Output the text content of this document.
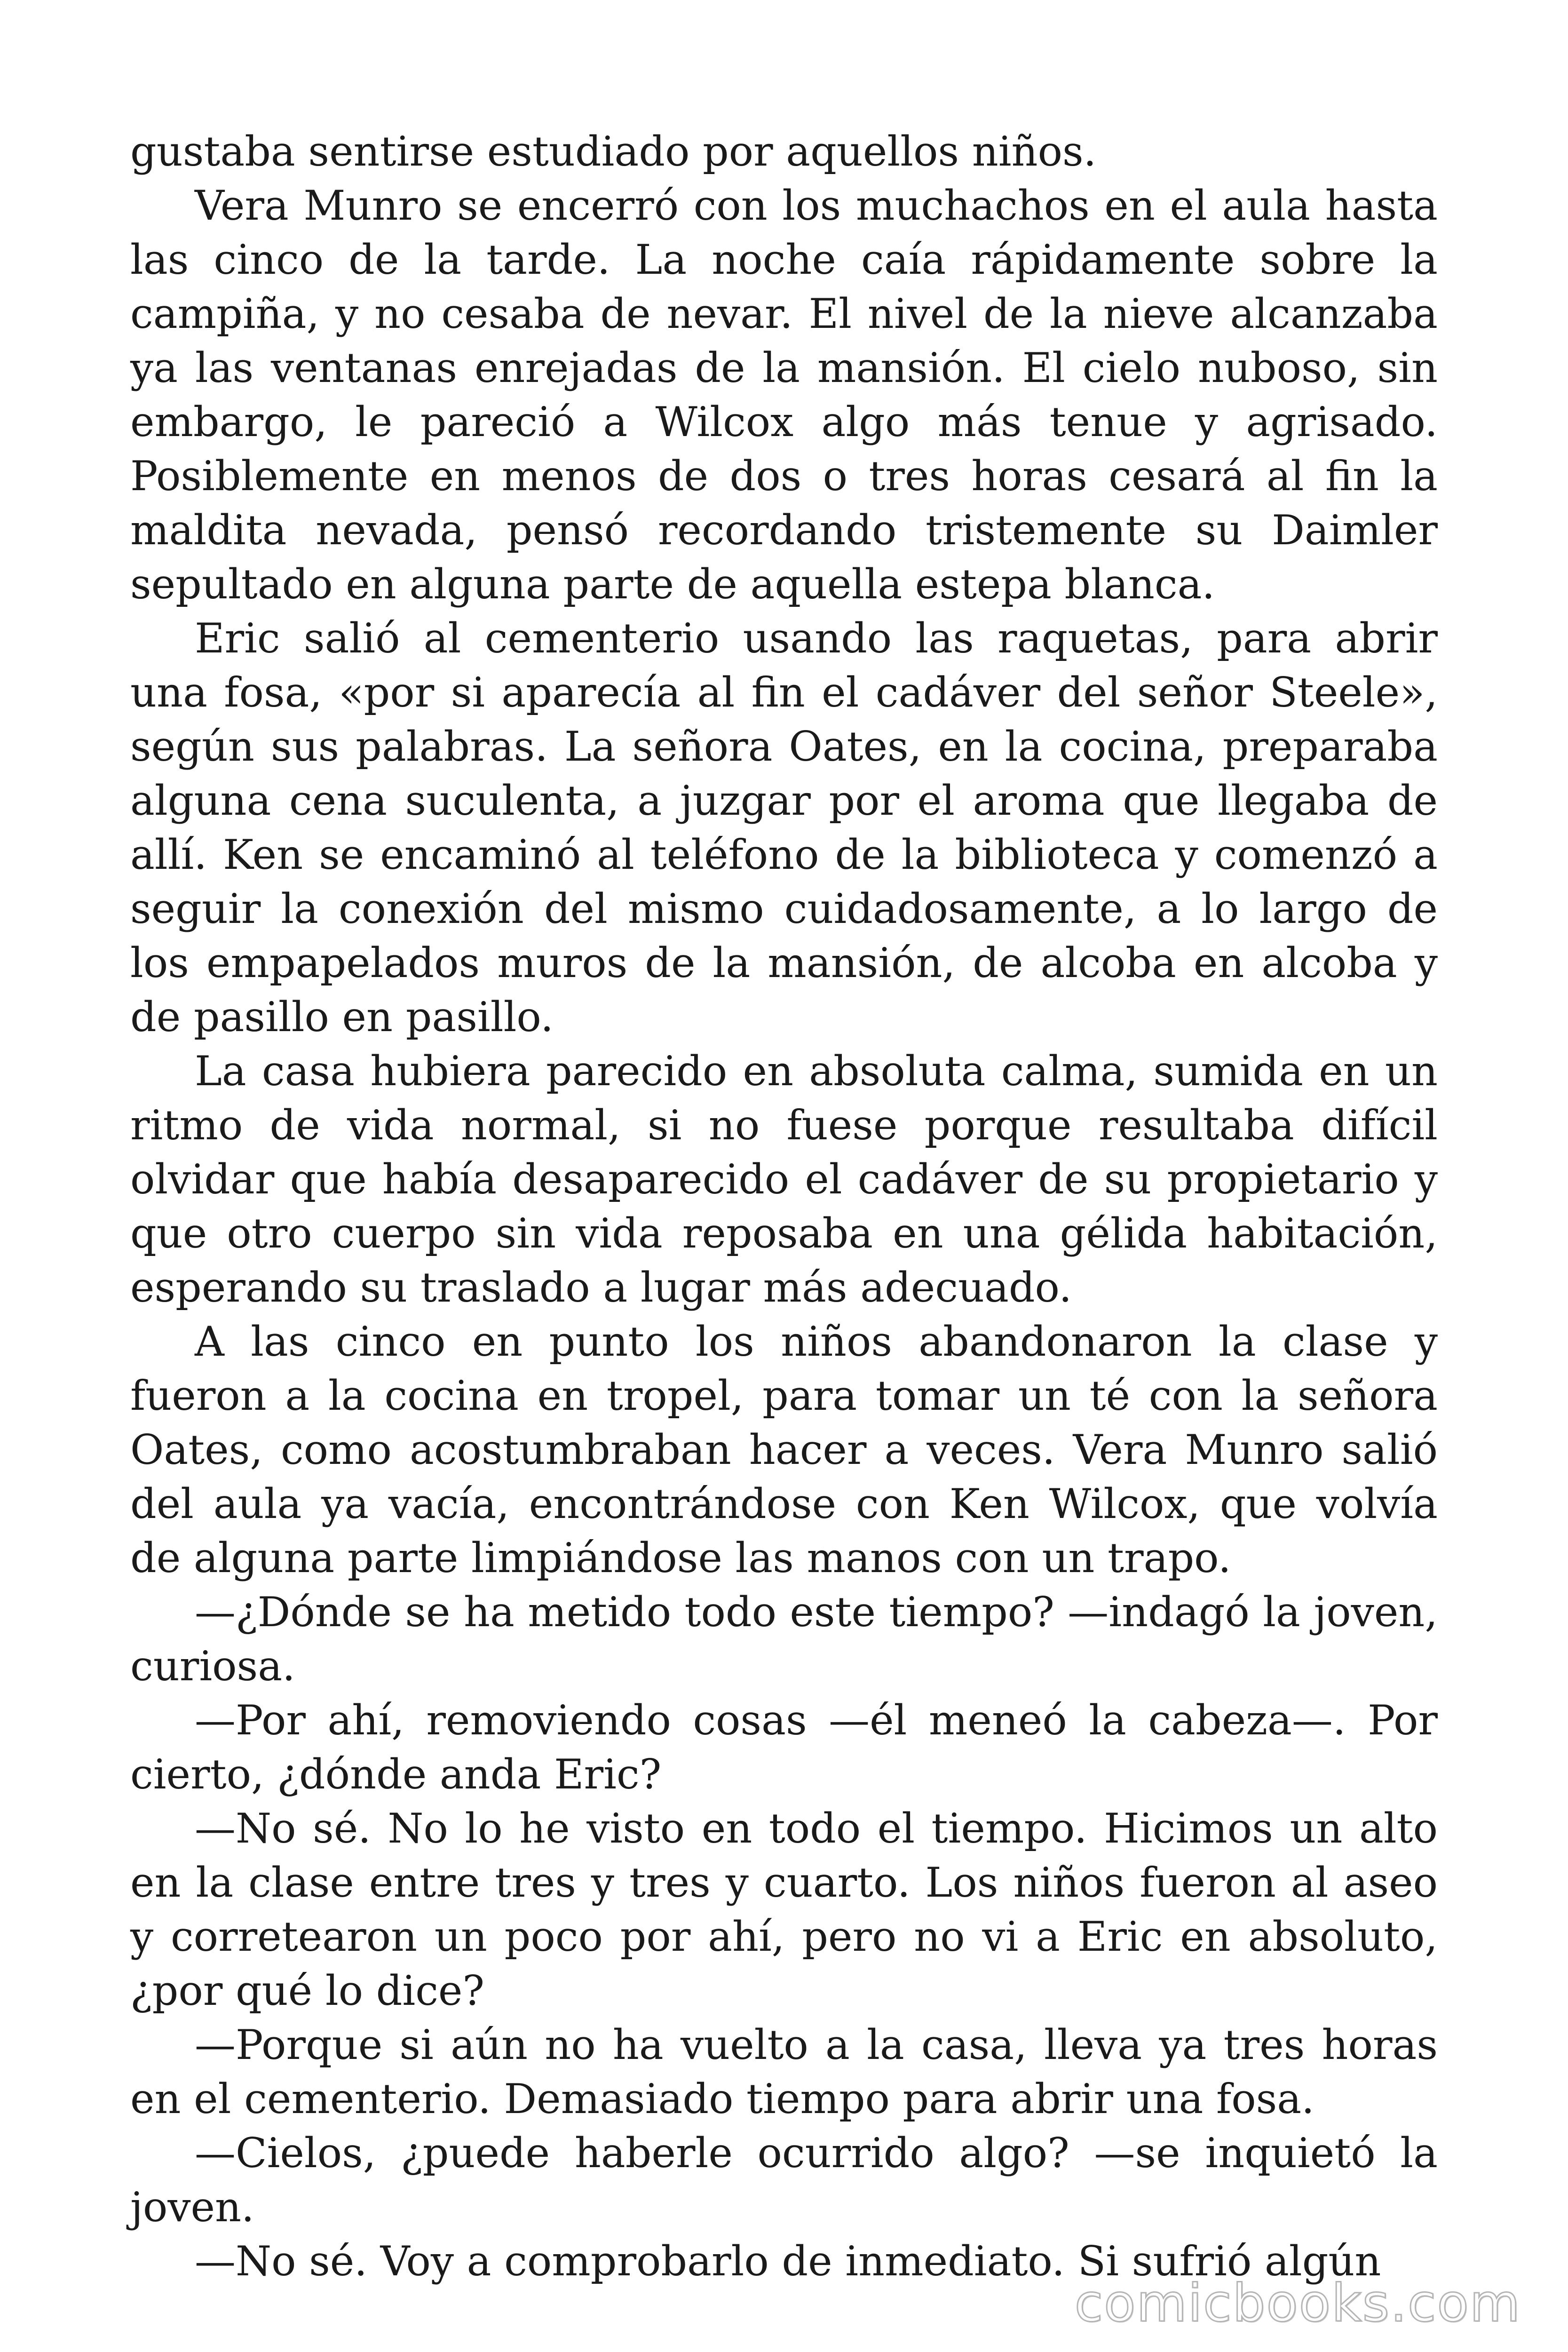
gustaba sentirse estudiado por aquellos niños.

Vera Munro se encerró con los muchachos en el aula hasta las cinco de la tarde. La noche caía rápidamente sobre la campiña, y no cesaba de nevar. El nivel de la nieve alcanzaba ya las ventanas enrejadas de la mansión. El cielo nuboso, sin embargo, le pareció a Wilcox algo más tenue y agrisado. Posiblemente en menos de dos o tres horas cesará al fin la maldita nevada, pensó recordando tristemente su Daimler sepultado en alguna parte de aquella estepa blanca.

Eric salió al cementerio usando las raquetas, para abrir una fosa, «por si aparecía al fin el cadáver del señor Steele», según sus palabras. La señora Oates, en la cocina, preparaba alguna cena suculenta, a juzgar por el aroma que llegaba de allí. Ken se encaminó al teléfono de la biblioteca y comenzó a seguir la conexión del mismo cuidadosamente, a lo largo de los empapelados muros de la mansión, de alcoba en alcoba y de pasillo en pasillo.

La casa hubiera parecido en absoluta calma, sumida en un ritmo de vida normal, si no fuese porque resultaba difícil olvidar que había desaparecido el cadáver de su propietario y que otro cuerpo sin vida reposaba en una gélida habitación, esperando su traslado a lugar más adecuado.

A las cinco en punto los niños abandonaron la clase y fueron a la cocina en tropel, para tomar un té con la señora Oates, como acostumbraban hacer a veces. Vera Munro salió del aula ya vacía, encontrándose con Ken Wilcox, que volvía de alguna parte limpiándose las manos con un trapo.

—¿Dónde se ha metido todo este tiempo? —indagó la joven, curiosa.

—Por ahí, removiendo cosas —él meneó la cabeza—. Por cierto, ¿dónde anda Eric?

—No sé. No lo he visto en todo el tiempo. Hicimos un alto en la clase entre tres y tres y cuarto. Los niños fueron al aseo y corretearon un poco por ahí, pero no vi a Eric en absoluto, ¿por qué lo dice?

—Porque si aún no ha vuelto a la casa, lleva ya tres horas en el cementerio. Demasiado tiempo para abrir una fosa.

—Cielos, ¿puede haberle ocurrido algo? —se inquietó la joven.

—No sé. Voy a comprobarlo de inmediato. Si sufrió algún

comicbooks.com
